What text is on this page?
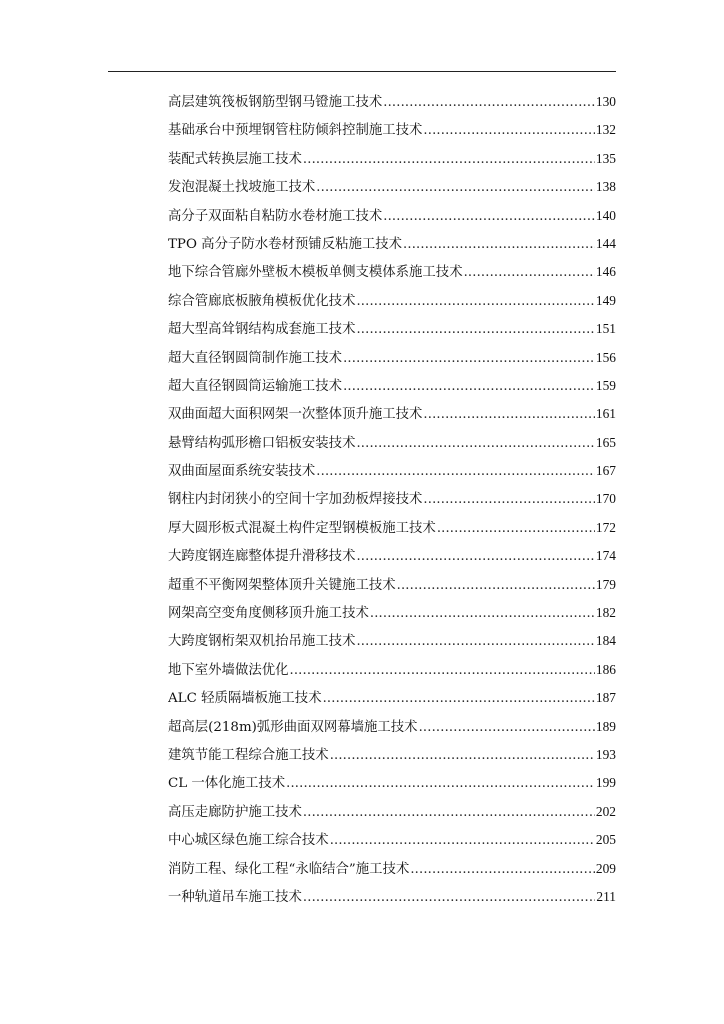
高层建筑筏板钢筋型钢马镫施工技术 .....	130
基础承台中预埋钢管柱防倾斜控制施工技术 .....	132
装配式转换层施工技术 .....	135
发泡混凝土找坡施工技术 .....	138
高分子双面粘自粘防水卷材施工技术 .....	140
TPO 高分子防水卷材预铺反粘施工技术 .....	144
地下综合管廊外壁板木模板单侧支模体系施工技术 .....	146
综合管廊底板腋角模板优化技术 .....	149
超大型高耸钢结构成套施工技术 .....	151
超大直径钢圆筒制作施工技术 .....	156
超大直径钢圆筒运输施工技术 .....	159
双曲面超大面积网架一次整体顶升施工技术 .....	161
悬臂结构弧形檐口铝板安装技术 .....	165
双曲面屋面系统安装技术 .....	167
钢柱内封闭狭小的空间十字加劲板焊接技术 .....	170
厚大圆形板式混凝土构件定型钢模板施工技术 .....	172
大跨度钢连廊整体提升滑移技术 .....	174
超重不平衡网架整体顶升关键施工技术 .....	179
网架高空变角度侧移顶升施工技术 .....	182
大跨度钢桁架双机抬吊施工技术 .....	184
地下室外墙做法优化 .....	186
ALC 轻质隔墙板施工技术 .....	187
超高层(218m)弧形曲面双网幕墙施工技术 .....	189
建筑节能工程综合施工技术 .....	193
CL 一体化施工技术 .....	199
高压走廊防护施工技术 .....	202
中心城区绿色施工综合技术 .....	205
消防工程、绿化工程“永临结合”施工技术 .....	209
一种轨道吊车施工技术 .....	211
